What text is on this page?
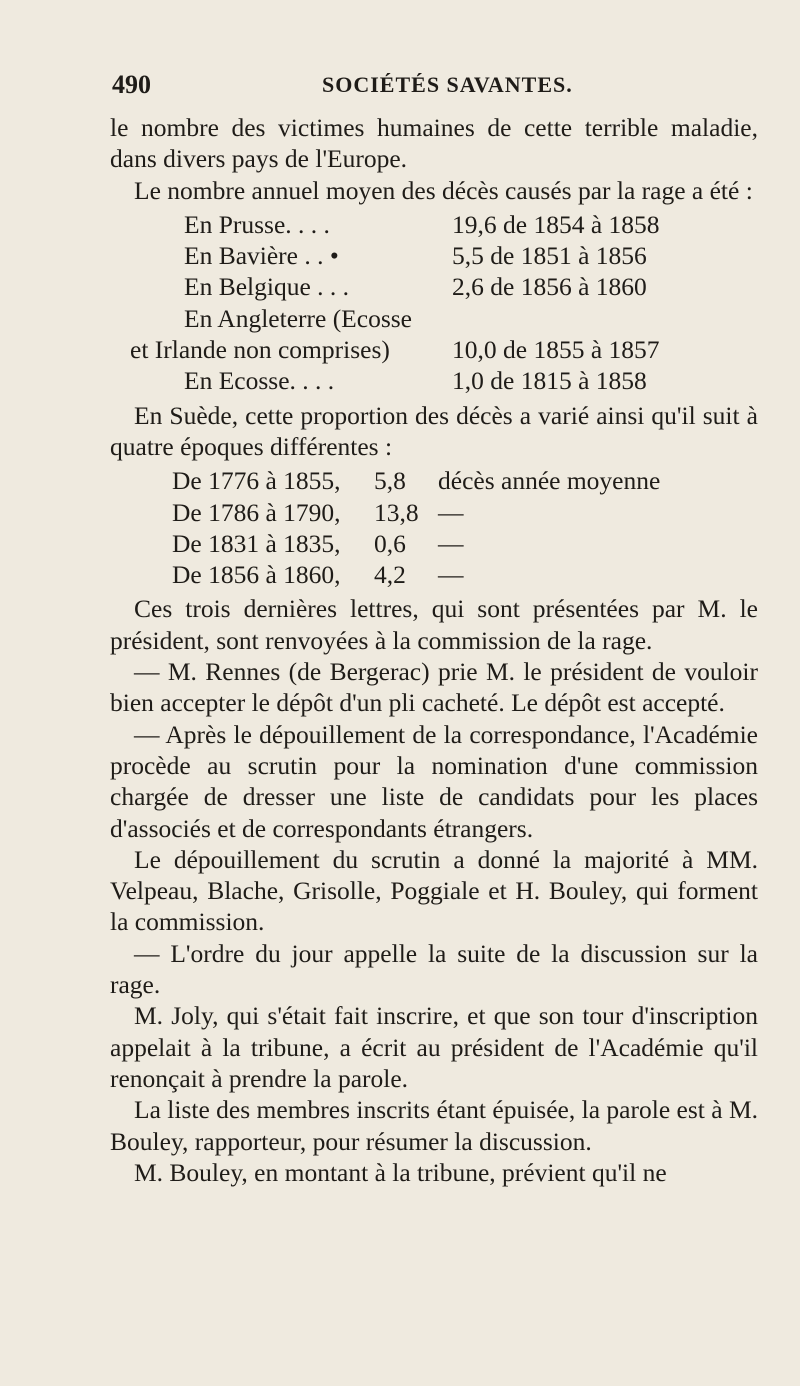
490	SOCIÉTÉS SAVANTES.

le nombre des victimes humaines de cette terrible maladie, dans divers pays de l'Europe.

Le nombre annuel moyen des décès causés par la rage a été :

En Prusse. . . .	19,6 de 1854 à 1858
En Bavière . . •	5,5 de 1851 à 1856
En Belgique . . .	2,6 de 1856 à 1860
En Angleterre (Ecosse	
et Irlande non comprises)	10,0 de 1855 à 1857
En Ecosse. . . .	1,0 de 1815 à 1858

En Suède, cette proportion des décès a varié ainsi qu'il suit à quatre époques différentes :

De 1776 à 1855,	5,8	décès année moyenne
De 1786 à 1790,	13,8	—
De 1831 à 1835,	0,6	—
De 1856 à 1860,	4,2	—

Ces trois dernières lettres, qui sont présentées par M. le président, sont renvoyées à la commission de la rage.

— M. Rennes (de Bergerac) prie M. le président de vouloir bien accepter le dépôt d'un pli cacheté. Le dépôt est accepté.

— Après le dépouillement de la correspondance, l'Académie procède au scrutin pour la nomination d'une commission chargée de dresser une liste de candidats pour les places d'associés et de correspondants étrangers.

Le dépouillement du scrutin a donné la majorité à MM. Velpeau, Blache, Grisolle, Poggiale et H. Bouley, qui forment la commission.

— L'ordre du jour appelle la suite de la discussion sur la rage.

M. Joly, qui s'était fait inscrire, et que son tour d'inscription appelait à la tribune, a écrit au président de l'Académie qu'il renonçait à prendre la parole.

La liste des membres inscrits étant épuisée, la parole est à M. Bouley, rapporteur, pour résumer la discussion.

M. Bouley, en montant à la tribune, prévient qu'il ne
